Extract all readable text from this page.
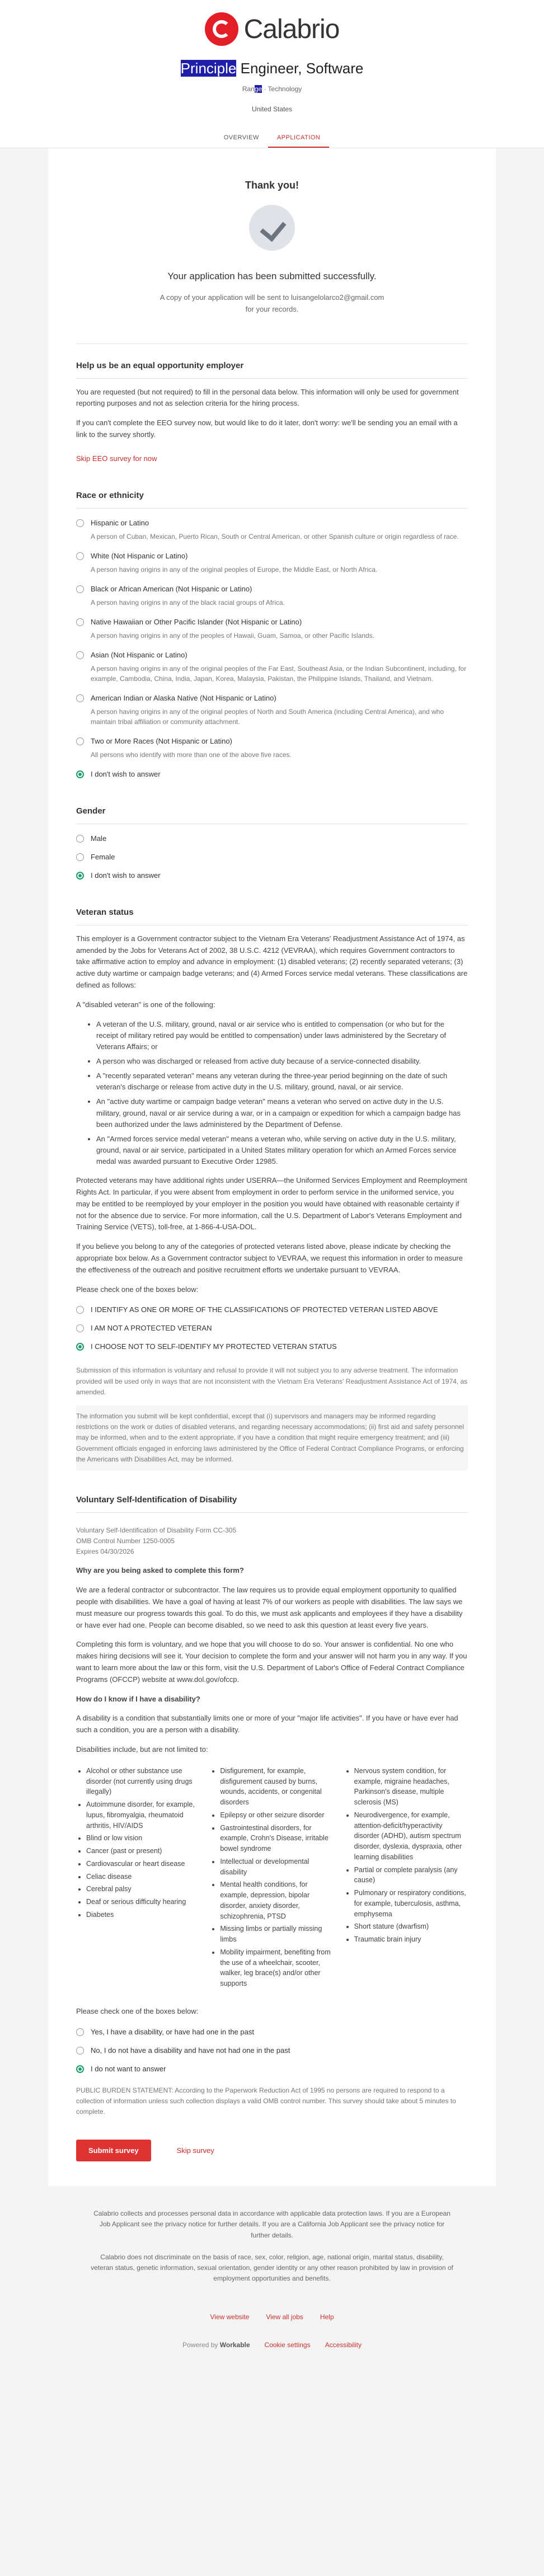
Calabrio
Principle Engineer, Software
Range · Technology
United States
OVERVIEW	APPLICATION
Thank you!
Your application has been submitted successfully.
A copy of your application will be sent to luisangelolarco2@gmail.com
for your records.
Help us be an equal opportunity employer
You are requested (but not required) to fill in the personal data below. This information will only be used for government reporting purposes and not as selection criteria for the hiring process.
If you can't complete the EEO survey now, but would like to do it later, don't worry: we'll be sending you an email with a link to the survey shortly.
Skip EEO survey for now
Race or ethnicity
Hispanic or Latino
A person of Cuban, Mexican, Puerto Rican, South or Central American, or other Spanish culture or origin regardless of race.
White (Not Hispanic or Latino)
A person having origins in any of the original peoples of Europe, the Middle East, or North Africa.
Black or African American (Not Hispanic or Latino)
A person having origins in any of the black racial groups of Africa.
Native Hawaiian or Other Pacific Islander (Not Hispanic or Latino)
A person having origins in any of the peoples of Hawaii, Guam, Samoa, or other Pacific Islands.
Asian (Not Hispanic or Latino)
A person having origins in any of the original peoples of the Far East, Southeast Asia, or the Indian Subcontinent, including, for example, Cambodia, China, India, Japan, Korea, Malaysia, Pakistan, the Philippine Islands, Thailand, and Vietnam.
American Indian or Alaska Native (Not Hispanic or Latino)
A person having origins in any of the original peoples of North and South America (including Central America), and who maintain tribal affiliation or community attachment.
Two or More Races (Not Hispanic or Latino)
All persons who identify with more than one of the above five races.
I don't wish to answer
Gender
Male
Female
I don't wish to answer
Veteran status
This employer is a Government contractor subject to the Vietnam Era Veterans' Readjustment Assistance Act of 1974, as amended by the Jobs for Veterans Act of 2002, 38 U.S.C. 4212 (VEVRAA), which requires Government contractors to take affirmative action to employ and advance in employment: (1) disabled veterans; (2) recently separated veterans; (3) active duty wartime or campaign badge veterans; and (4) Armed Forces service medal veterans. These classifications are defined as follows:
A "disabled veteran" is one of the following:
• A veteran of the U.S. military, ground, naval or air service who is entitled to compensation (or who but for the receipt of military retired pay would be entitled to compensation) under laws administered by the Secretary of Veterans Affairs; or
• A person who was discharged or released from active duty because of a service-connected disability.
• A "recently separated veteran" means any veteran during the three-year period beginning on the date of such veteran's discharge or release from active duty in the U.S. military, ground, naval, or air service.
• An "active duty wartime or campaign badge veteran" means a veteran who served on active duty in the U.S. military, ground, naval or air service during a war, or in a campaign or expedition for which a campaign badge has been authorized under the laws administered by the Department of Defense.
• An "Armed forces service medal veteran" means a veteran who, while serving on active duty in the U.S. military, ground, naval or air service, participated in a United States military operation for which an Armed Forces service medal was awarded pursuant to Executive Order 12985.
Protected veterans may have additional rights under USERRA—the Uniformed Services Employment and Reemployment Rights Act. In particular, if you were absent from employment in order to perform service in the uniformed service, you may be entitled to be reemployed by your employer in the position you would have obtained with reasonable certainty if not for the absence due to service. For more information, call the U.S. Department of Labor's Veterans Employment and Training Service (VETS), toll-free, at 1-866-4-USA-DOL.
If you believe you belong to any of the categories of protected veterans listed above, please indicate by checking the appropriate box below. As a Government contractor subject to VEVRAA, we request this information in order to measure the effectiveness of the outreach and positive recruitment efforts we undertake pursuant to VEVRAA.
Please check one of the boxes below:
I IDENTIFY AS ONE OR MORE OF THE CLASSIFICATIONS OF PROTECTED VETERAN LISTED ABOVE
I AM NOT A PROTECTED VETERAN
I CHOOSE NOT TO SELF-IDENTIFY MY PROTECTED VETERAN STATUS
Submission of this information is voluntary and refusal to provide it will not subject you to any adverse treatment. The information provided will be used only in ways that are not inconsistent with the Vietnam Era Veterans' Readjustment Assistance Act of 1974, as amended.
The information you submit will be kept confidential, except that (i) supervisors and managers may be informed regarding restrictions on the work or duties of disabled veterans, and regarding necessary accommodations; (ii) first aid and safety personnel may be informed, when and to the extent appropriate, if you have a condition that might require emergency treatment; and (iii) Government officials engaged in enforcing laws administered by the Office of Federal Contract Compliance Programs, or enforcing the Americans with Disabilities Act, may be informed.
Voluntary Self-Identification of Disability
Voluntary Self-Identification of Disability Form CC-305
OMB Control Number 1250-0005
Expires 04/30/2026
Why are you being asked to complete this form?
We are a federal contractor or subcontractor. The law requires us to provide equal employment opportunity to qualified people with disabilities. We have a goal of having at least 7% of our workers as people with disabilities. The law says we must measure our progress towards this goal. To do this, we must ask applicants and employees if they have a disability or have ever had one. People can become disabled, so we need to ask this question at least every five years.
Completing this form is voluntary, and we hope that you will choose to do so. Your answer is confidential. No one who makes hiring decisions will see it. Your decision to complete the form and your answer will not harm you in any way. If you want to learn more about the law or this form, visit the U.S. Department of Labor's Office of Federal Contract Compliance Programs (OFCCP) website at www.dol.gov/ofccp.
How do I know if I have a disability?
A disability is a condition that substantially limits one or more of your "major life activities". If you have or have ever had such a condition, you are a person with a disability.
Disabilities include, but are not limited to:
• Alcohol or other substance use disorder (not currently using drugs illegally)
• Autoimmune disorder, for example, lupus, fibromyalgia, rheumatoid arthritis, HIV/AIDS
• Blind or low vision
• Cancer (past or present)
• Cardiovascular or heart disease
• Celiac disease
• Cerebral palsy
• Deaf or serious difficulty hearing
• Diabetes
• Disfigurement, for example, disfigurement caused by burns, wounds, accidents, or congenital disorders
• Epilepsy or other seizure disorder
• Gastrointestinal disorders, for example, Crohn's Disease, irritable bowel syndrome
• Intellectual or developmental disability
• Mental health conditions, for example, depression, bipolar disorder, anxiety disorder, schizophrenia, PTSD
• Missing limbs or partially missing limbs
• Mobility impairment, benefiting from the use of a wheelchair, scooter, walker, leg brace(s) and/or other supports
• Nervous system condition, for example, migraine headaches, Parkinson's disease, multiple sclerosis (MS)
• Neurodivergence, for example, attention-deficit/hyperactivity disorder (ADHD), autism spectrum disorder, dyslexia, dyspraxia, other learning disabilities
• Partial or complete paralysis (any cause)
• Pulmonary or respiratory conditions, for example, tuberculosis, asthma, emphysema
• Short stature (dwarfism)
• Traumatic brain injury
Please check one of the boxes below:
Yes, I have a disability, or have had one in the past
No, I do not have a disability and have not had one in the past
I do not want to answer
PUBLIC BURDEN STATEMENT: According to the Paperwork Reduction Act of 1995 no persons are required to respond to a collection of information unless such collection displays a valid OMB control number. This survey should take about 5 minutes to complete.
Submit survey	Skip survey
Calabrio collects and processes personal data in accordance with applicable data protection laws. If you are a European Job Applicant see the privacy notice for further details. If you are a California Job Applicant see the privacy notice for further details.
Calabrio does not discriminate on the basis of race, sex, color, religion, age, national origin, marital status, disability, veteran status, genetic information, sexual orientation, gender identity or any other reason prohibited by law in provision of employment opportunities and benefits.
View website	View all jobs	Help
Powered by Workable Cookie settings Accessibility
